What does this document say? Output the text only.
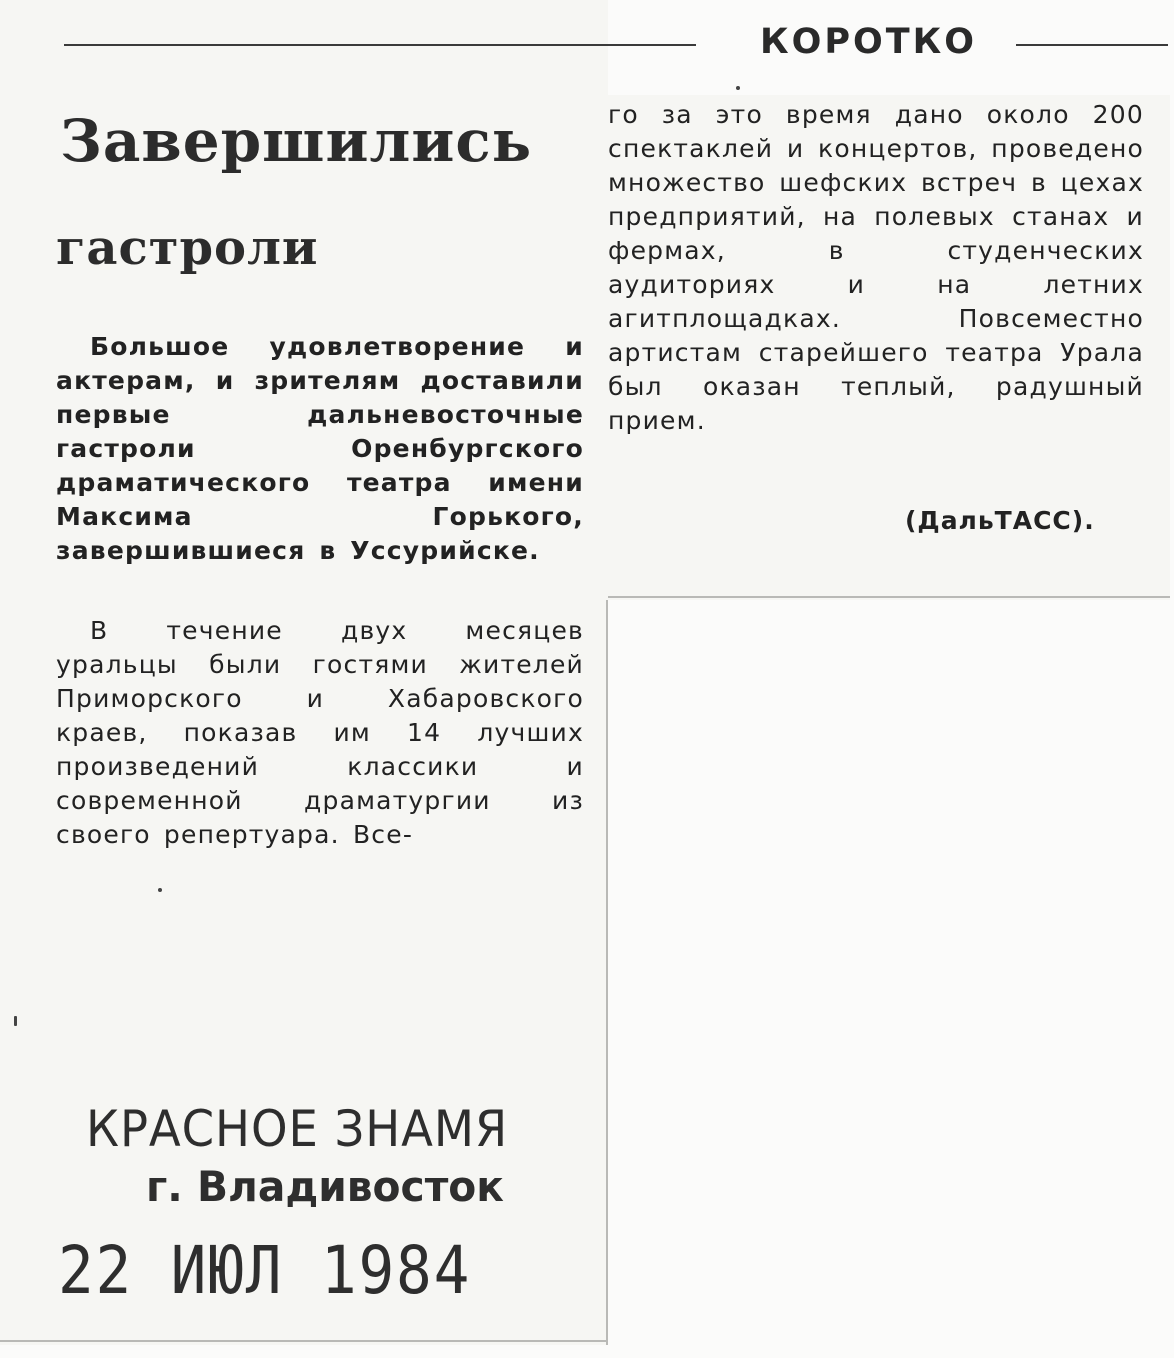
КОРОТКО
Завершились
гастроли

Большое удовлетворение и актерам, и зрителям доставили первые дальневосточные гастроли Оренбургского драматического театра имени Максима Горького, завершившиеся в Уссурийске.

В течение двух месяцев уральцы были гостями жителей Приморского и Хабаровского краев, показав им 14 лучших произведений классики и современной драматургии из своего репертуара. Все-

го за это время дано около 200 спектаклей и концертов, проведено множество шефских встреч в цехах предприятий, на полевых станах и фермах, в студенческих аудиториях и на летних агитплощадках. Повсеместно артистам старейшего театра Урала был оказан теплый, радушный прием.

(ДальТАСС).

КРАСНОЕ ЗНАМЯ

г. Владивосток

22 ИЮЛ 1984
